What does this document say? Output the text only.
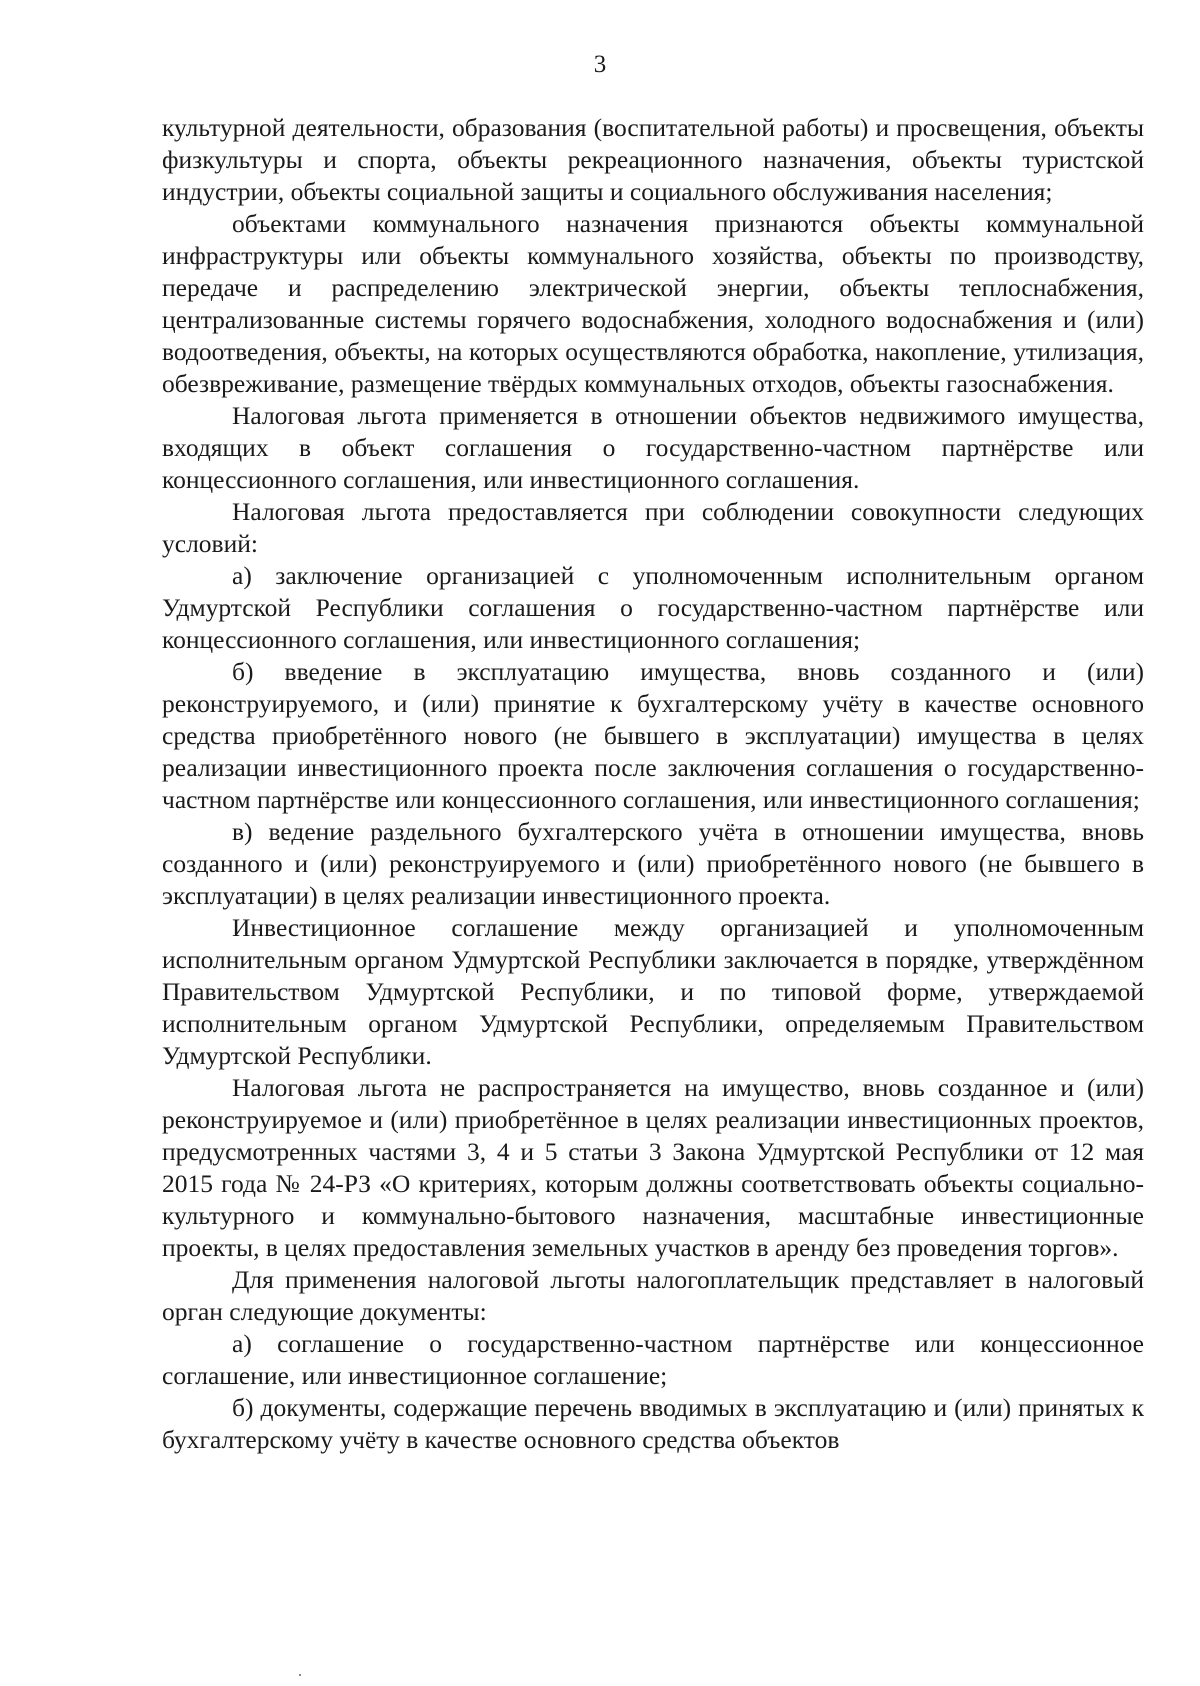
3

культурной деятельности, образования (воспитательной работы) и просвещения, объекты физкультуры и спорта, объекты рекреационного назначения, объекты туристской индустрии, объекты социальной защиты и социального обслуживания населения;

объектами коммунального назначения признаются объекты коммунальной инфраструктуры или объекты коммунального хозяйства, объекты по производству, передаче и распределению электрической энергии, объекты теплоснабжения, централизованные системы горячего водоснабжения, холодного водоснабжения и (или) водоотведения, объекты, на которых осуществляются обработка, накопление, утилизация, обезвреживание, размещение твёрдых коммунальных отходов, объекты газоснабжения.

Налоговая льгота применяется в отношении объектов недвижимого имущества, входящих в объект соглашения о государственно-частном партнёрстве или концессионного соглашения, или инвестиционного соглашения.

Налоговая льгота предоставляется при соблюдении совокупности следующих условий:

а) заключение организацией с уполномоченным исполнительным органом Удмуртской Республики соглашения о государственно-частном партнёрстве или концессионного соглашения, или инвестиционного соглашения;

б) введение в эксплуатацию имущества, вновь созданного и (или) реконструируемого, и (или) принятие к бухгалтерскому учёту в качестве основного средства приобретённого нового (не бывшего в эксплуатации) имущества в целях реализации инвестиционного проекта после заключения соглашения о государственно-частном партнёрстве или концессионного соглашения, или инвестиционного соглашения;

в) ведение раздельного бухгалтерского учёта в отношении имущества, вновь созданного и (или) реконструируемого и (или) приобретённого нового (не бывшего в эксплуатации) в целях реализации инвестиционного проекта.

Инвестиционное соглашение между организацией и уполномоченным исполнительным органом Удмуртской Республики заключается в порядке, утверждённом Правительством Удмуртской Республики, и по типовой форме, утверждаемой исполнительным органом Удмуртской Республики, определяемым Правительством Удмуртской Республики.

Налоговая льгота не распространяется на имущество, вновь созданное и (или) реконструируемое и (или) приобретённое в целях реализации инвестиционных проектов, предусмотренных частями 3, 4 и 5 статьи 3 Закона Удмуртской Республики от 12 мая 2015 года № 24-РЗ «О критериях, которым должны соответствовать объекты социально-культурного и коммунально-бытового назначения, масштабные инвестиционные проекты, в целях предоставления земельных участков в аренду без проведения торгов».

Для применения налоговой льготы налогоплательщик представляет в налоговый орган следующие документы:

а) соглашение о государственно-частном партнёрстве или концессионное соглашение, или инвестиционное соглашение;

б) документы, содержащие перечень вводимых в эксплуатацию и (или) принятых к бухгалтерскому учёту в качестве основного средства объектов
